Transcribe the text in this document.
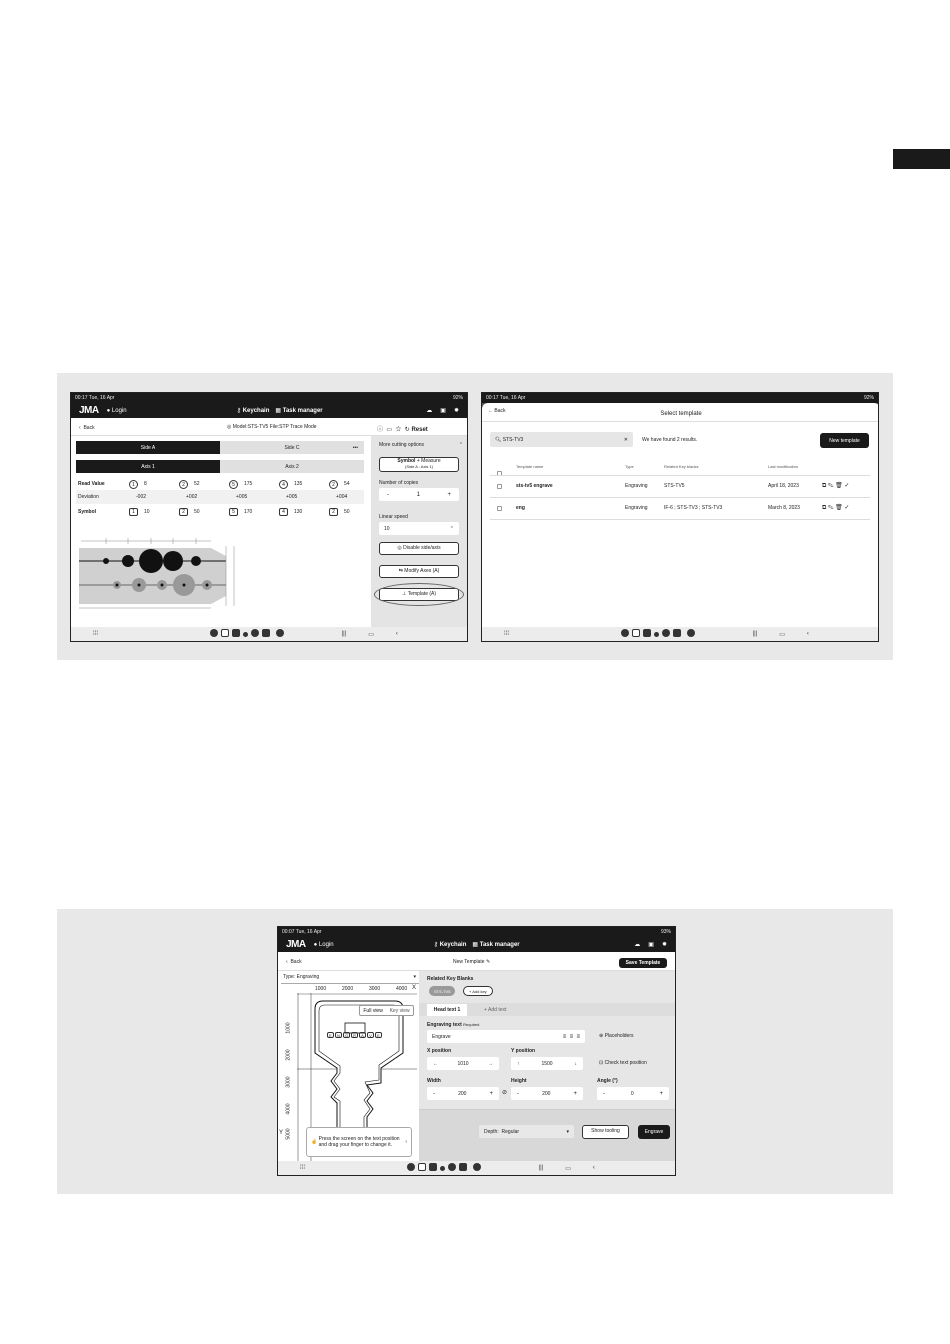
00:17 Tue, 16 Apr	92%
JMA ●
Login	⚷
Keychain ▦
Task manager	☁ ▣ ✹
‹  Back	◎ Model:STS-TV5 File:STP Trace Mode	ⓘ ▭ ☆ ↻ Reset
Side A	Side C	•••
Axis 1	Axis 2
Read Value	1	8	2	52	5	175	4	135	2	54
Deviation	-002	+002	+005	+005	+004
Symbol	1	10	2	50	5	170	4	130	2	50
More cutting options	⌃
Symbol + Measure
(Side A : Axis 1)
Number of copies
-	1	+
Linear speed
10	⌃
◎ Disable side/axis
⇆ Modify Axes (A)
⊥ Template (A)
⁞⁞⁞	|||	▭	‹
00:17 Tue, 16 Apr	92%
← Back	Select template
🔍︎
STS-TV3	✕	We have found 2 results.	New template
Template name	Type	Related Key blanks	Last modification
sts-tv5 engrave	Engraving	STS-TV5	April 18, 2023	⧉ ✎ 🗑︎ ✓
eng	Engraving	IF-6 ; STS-TV3 ; STS-TV3	March 8, 2023	⧉ ✎ 🗑︎ ✓
⁞⁞⁞	|||	▭	‹
00:07 Tue, 16 Apr	93%
JMA ●
Login	⚷
Keychain ▦
Task manager	☁ ▣ ✹
‹  Back	New Template ✎	Save Template
Type:
Engraving	▾
1000	2000	3000	4000 X
1000
2000
3000
4000
5000
Y
Full view Key view
E	N	G	R	A	V	E
☝
Press the screen on the text position and drag your finger to change it.
‹
Related Key Blanks
STS-TV5	+ Add key
Head text 1	+ Add text
Engraving text Required
Engrave	≡ ≡ ≡	⊕ Placeholders
X position
←	1010	→
Y position
↑	1500	↓	⊡ Check text position
Width
-	200	+ ⊘
Height
-	200	+
Angle (°)
-	0	+
Depth:
Regular	▾	Show tooling	Engrave
⁞⁞⁞	|||	▭	‹
